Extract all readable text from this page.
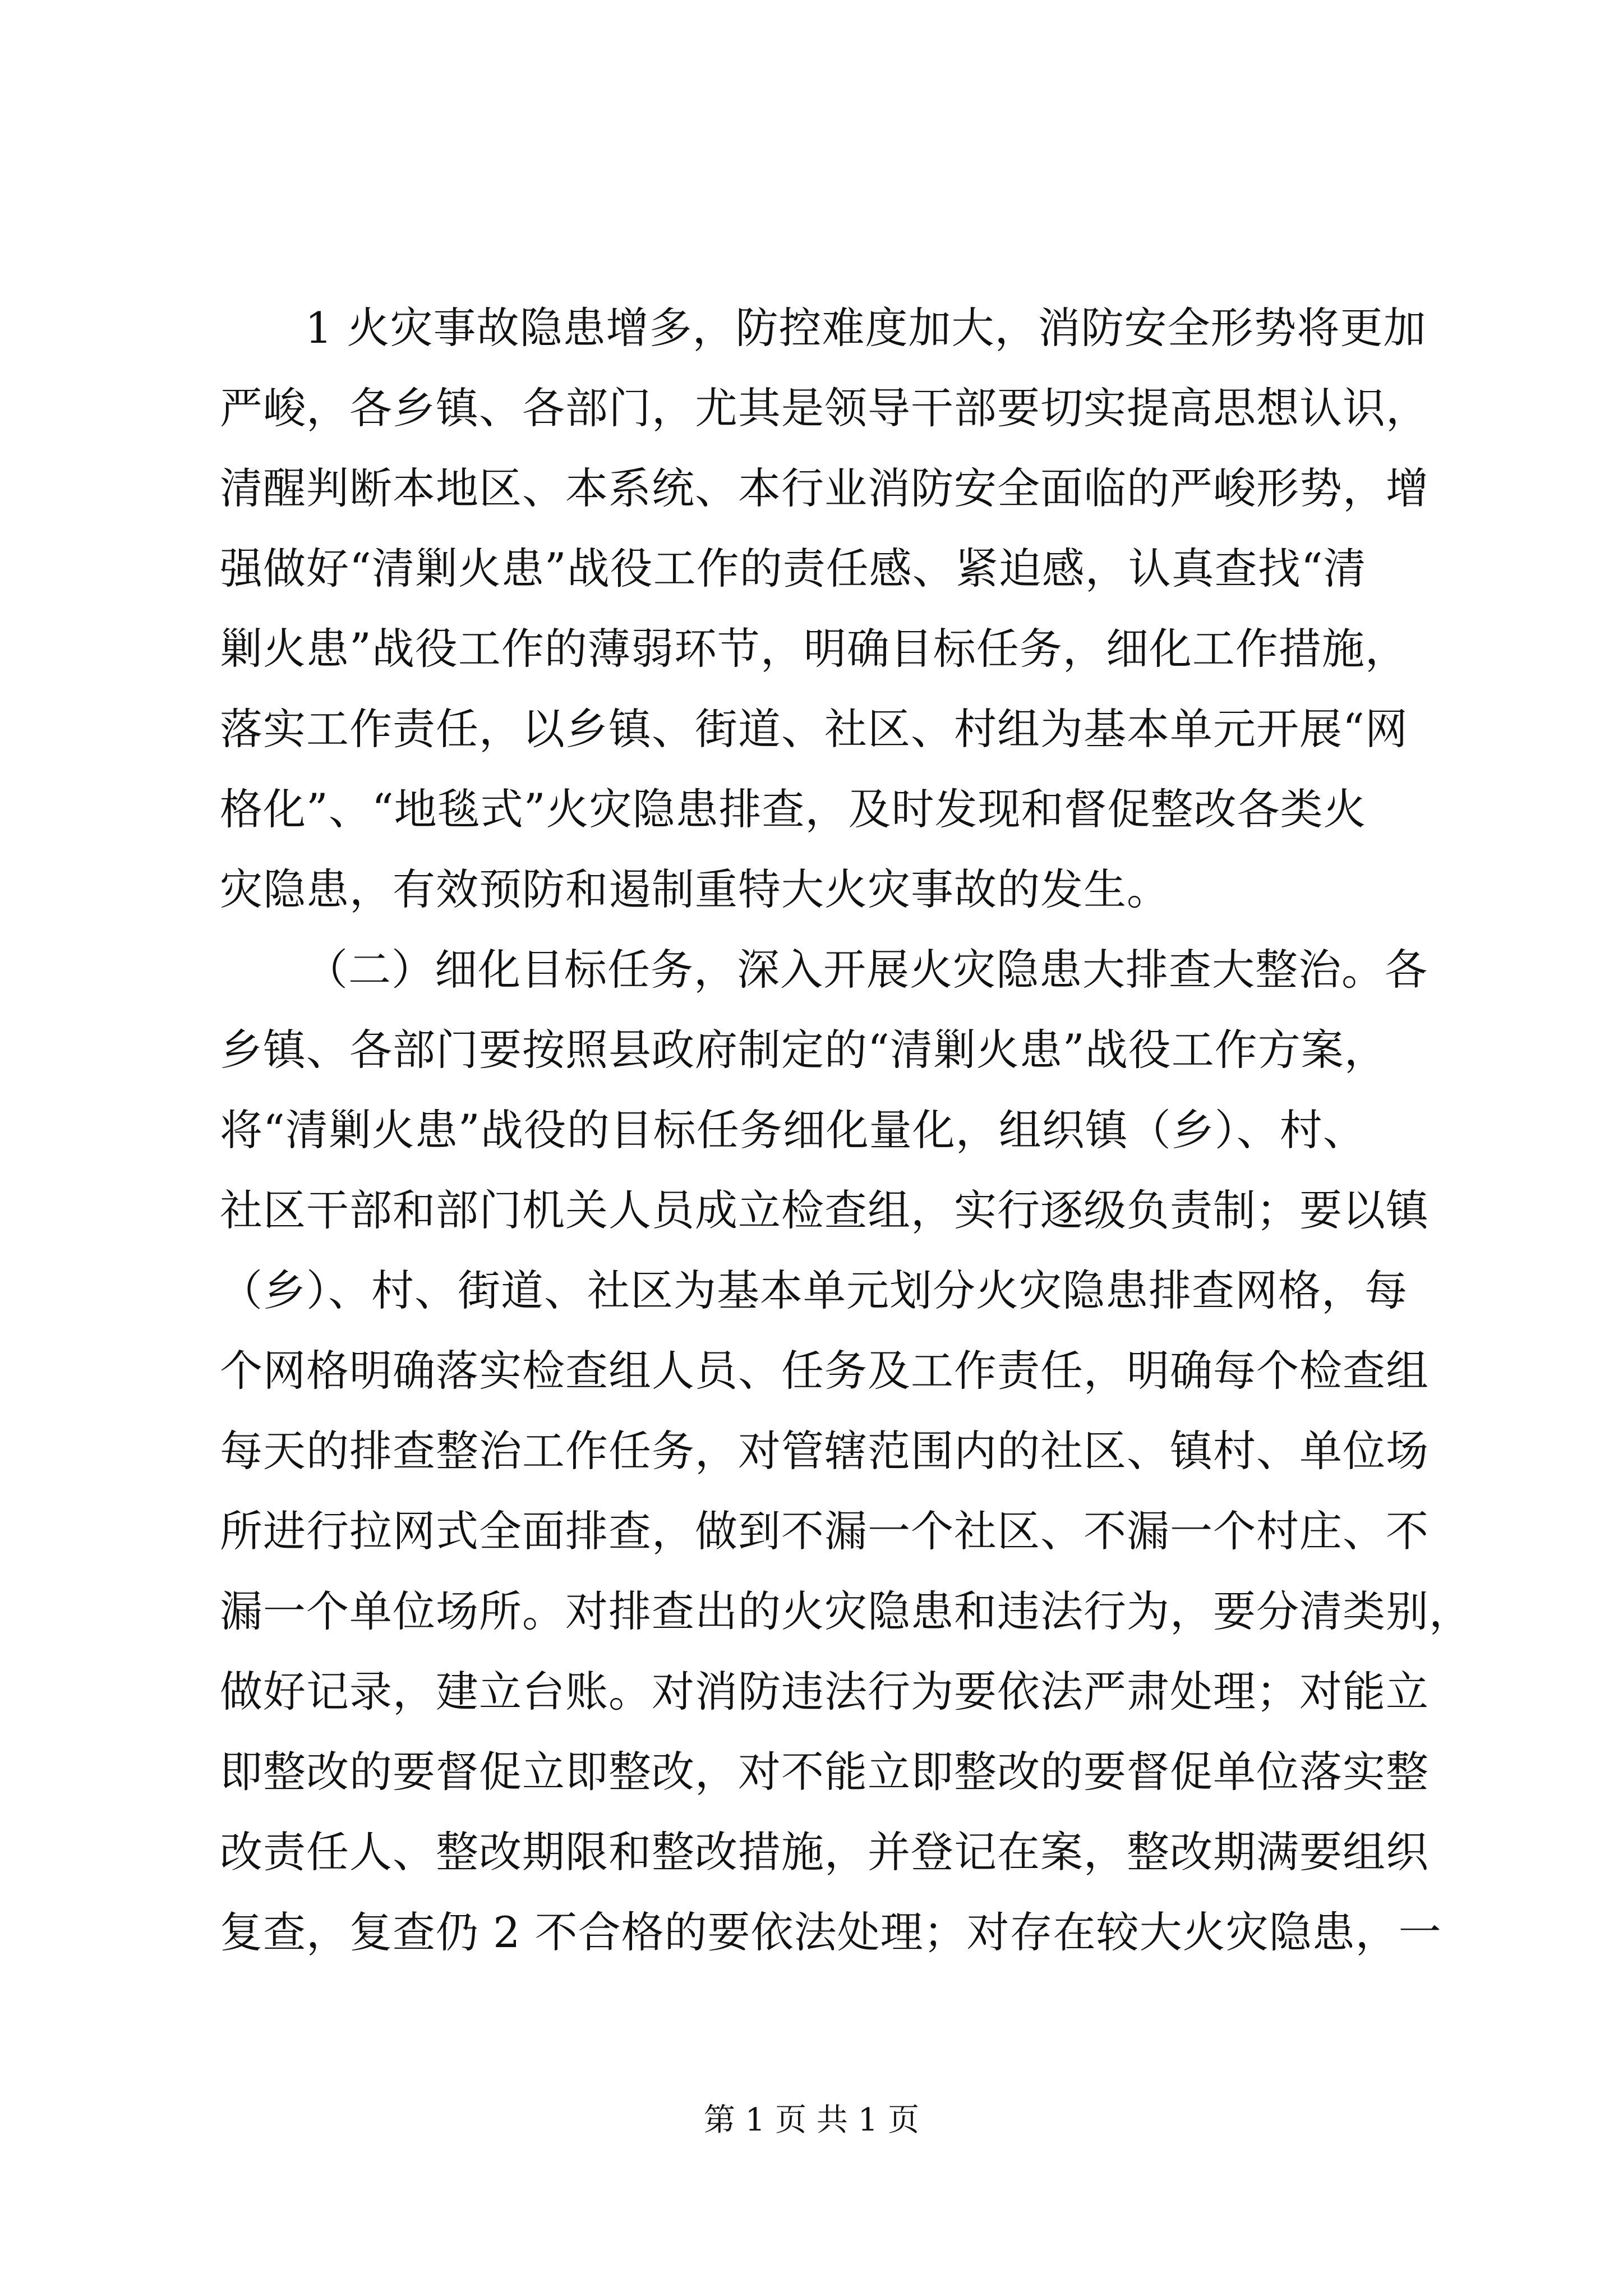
1 火灾事故隐患增多，防控难度加大，消防安全形势将更加
严峻，各乡镇、各部门，尤其是领导干部要切实提高思想认识，
清醒判断本地区、本系统、本行业消防安全面临的严峻形势，增
强做好“清剿火患”战役工作的责任感、紧迫感，认真查找“清
剿火患”战役工作的薄弱环节，明确目标任务，细化工作措施，
落实工作责任，以乡镇、街道、社区、村组为基本单元开展“网
格化”、“地毯式”火灾隐患排查，及时发现和督促整改各类火
灾隐患，有效预防和遏制重特大火灾事故的发生。
（二）细化目标任务，深入开展火灾隐患大排查大整治。各
乡镇、各部门要按照县政府制定的“清剿火患”战役工作方案，
将“清剿火患”战役的目标任务细化量化，组织镇（乡）、村、
社区干部和部门机关人员成立检查组，实行逐级负责制；要以镇
（乡）、村、街道、社区为基本单元划分火灾隐患排查网格，每
个网格明确落实检查组人员、任务及工作责任，明确每个检查组
每天的排查整治工作任务，对管辖范围内的社区、镇村、单位场
所进行拉网式全面排查，做到不漏一个社区、不漏一个村庄、不
漏一个单位场所。对排查出的火灾隐患和违法行为，要分清类别，
做好记录，建立台账。对消防违法行为要依法严肃处理；对能立
即整改的要督促立即整改，对不能立即整改的要督促单位落实整
改责任人、整改期限和整改措施，并登记在案，整改期满要组织
复查，复查仍 2 不合格的要依法处理；对存在较大火灾隐患，一
第 1 页 共 1 页
